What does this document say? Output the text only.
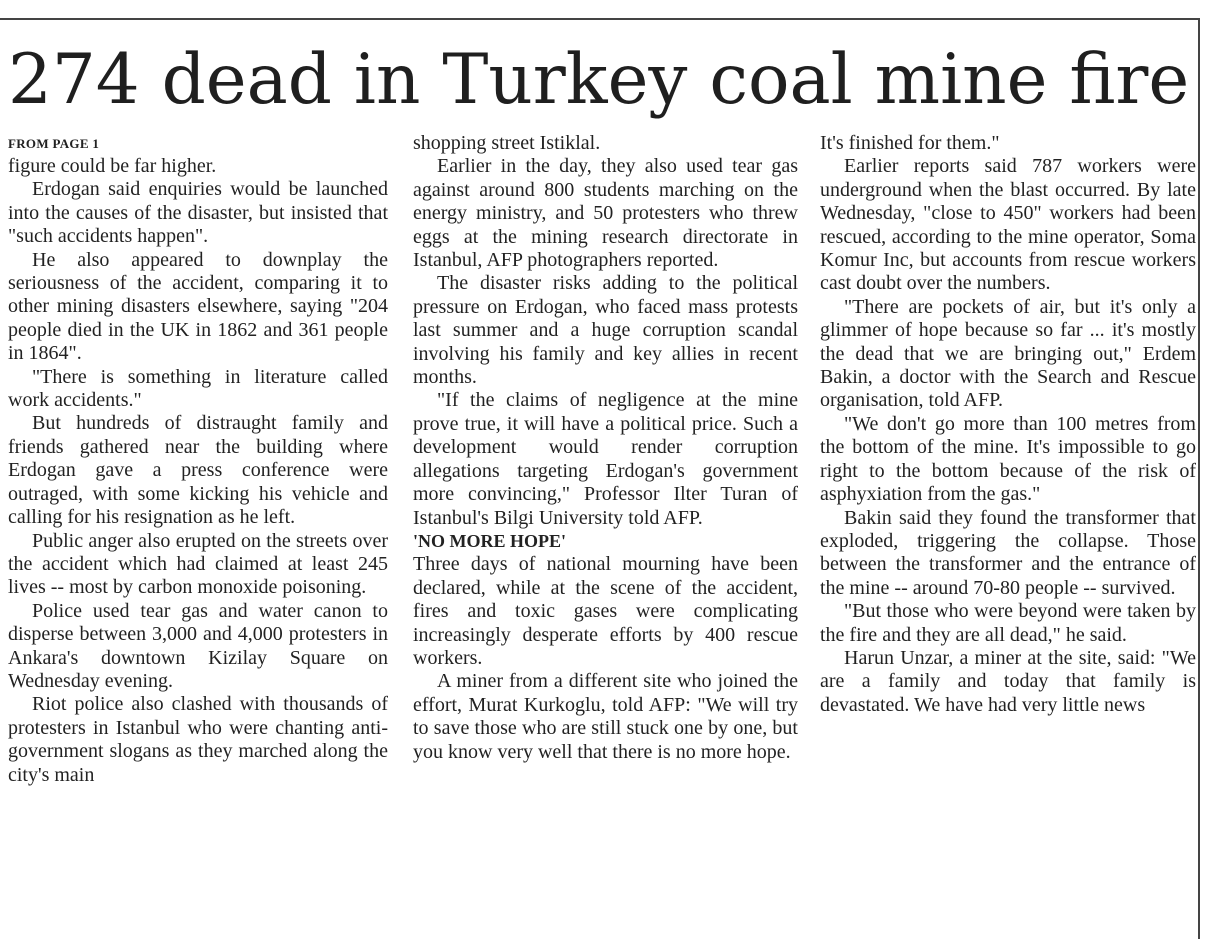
274 dead in Turkey coal mine fire

FROM PAGE 1

figure could be far higher.

Erdogan said enquiries would be launched into the causes of the disaster, but insisted that "such accidents happen".

He also appeared to downplay the seriousness of the accident, comparing it to other mining disasters elsewhere, saying "204 people died in the UK in 1862 and 361 people in 1864".

"There is something in literature called work accidents."

But hundreds of distraught family and friends gathered near the building where Erdogan gave a press conference were outraged, with some kicking his vehicle and calling for his resignation as he left.

Public anger also erupted on the streets over the accident which had claimed at least 245 lives -- most by carbon monoxide poisoning.

Police used tear gas and water canon to disperse between 3,000 and 4,000 protesters in Ankara's downtown Kizilay Square on Wednesday evening.

Riot police also clashed with thousands of protesters in Istanbul who were chanting anti-government slogans as they marched along the city's main

shopping street Istiklal.

Earlier in the day, they also used tear gas against around 800 students marching on the energy ministry, and 50 protesters who threw eggs at the mining research directorate in Istanbul, AFP photographers reported.

The disaster risks adding to the political pressure on Erdogan, who faced mass protests last summer and a huge corruption scandal involving his family and key allies in recent months.

"If the claims of negligence at the mine prove true, it will have a political price. Such a development would render corruption allegations targeting Erdogan's government more convincing," Professor Ilter Turan of Istanbul's Bilgi University told AFP.

'NO MORE HOPE'

Three days of national mourning have been declared, while at the scene of the accident, fires and toxic gases were complicating increasingly desperate efforts by 400 rescue workers.

A miner from a different site who joined the effort, Murat Kurkoglu, told AFP: "We will try to save those who are still stuck one by one, but you know very well that there is no more hope.

It's finished for them."

Earlier reports said 787 workers were underground when the blast occurred. By late Wednesday, "close to 450" workers had been rescued, according to the mine operator, Soma Komur Inc, but accounts from rescue workers cast doubt over the numbers.

"There are pockets of air, but it's only a glimmer of hope because so far ... it's mostly the dead that we are bringing out," Erdem Bakin, a doctor with the Search and Rescue organisation, told AFP.

"We don't go more than 100 metres from the bottom of the mine. It's impossible to go right to the bottom because of the risk of asphyxiation from the gas."

Bakin said they found the transformer that exploded, triggering the collapse. Those between the transformer and the entrance of the mine -- around 70-80 people -- survived.

"But those who were beyond were taken by the fire and they are all dead," he said.

Harun Unzar, a miner at the site, said: "We are a family and today that family is devastated. We have had very little news
